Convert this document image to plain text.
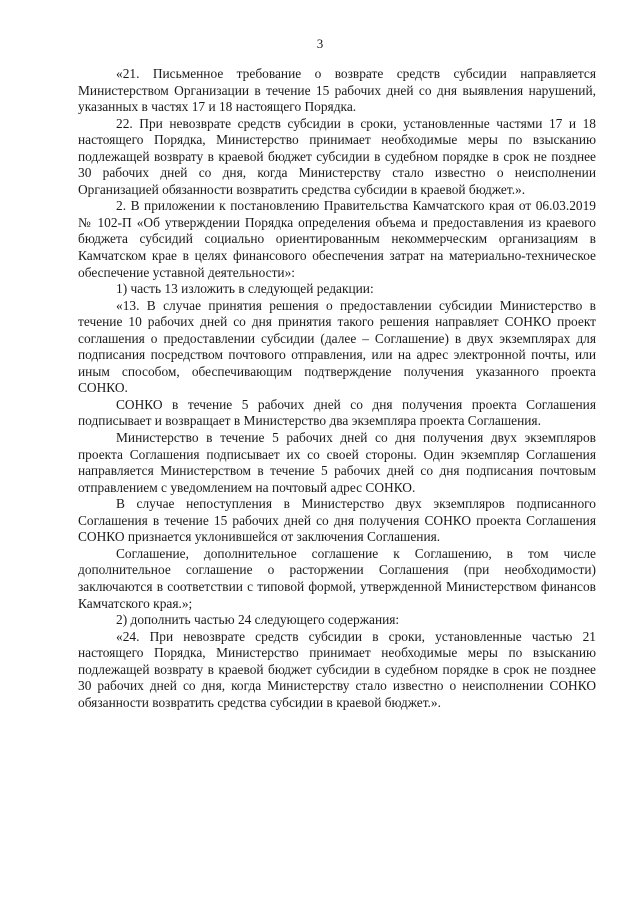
3

«21. Письменное требование о возврате средств субсидии направляется Министерством Организации в течение 15 рабочих дней со дня выявления нарушений, указанных в частях 17 и 18 настоящего Порядка.

22. При невозврате средств субсидии в сроки, установленные частями 17 и 18 настоящего Порядка, Министерство принимает необходимые меры по взысканию подлежащей возврату в краевой бюджет субсидии в судебном порядке в срок не позднее 30 рабочих дней со дня, когда Министерству стало известно о неисполнении Организацией обязанности возвратить средства субсидии в краевой бюджет.».

2. В приложении к постановлению Правительства Камчатского края от 06.03.2019 № 102-П «Об утверждении Порядка определения объема и предоставления из краевого бюджета субсидий социально ориентированным некоммерческим организациям в Камчатском крае в целях финансового обеспечения затрат на материально-техническое обеспечение уставной деятельности»:

1) часть 13 изложить в следующей редакции:

«13. В случае принятия решения о предоставлении субсидии Министерство в течение 10 рабочих дней со дня принятия такого решения направляет СОНКО проект соглашения о предоставлении субсидии (далее – Соглашение) в двух экземплярах для подписания посредством почтового отправления, или на адрес электронной почты, или иным способом, обеспечивающим подтверждение получения указанного проекта СОНКО.

СОНКО в течение 5 рабочих дней со дня получения проекта Соглашения подписывает и возвращает в Министерство два экземпляра проекта Соглашения.

Министерство в течение 5 рабочих дней со дня получения двух экземпляров проекта Соглашения подписывает их со своей стороны. Один экземпляр Соглашения направляется Министерством в течение 5 рабочих дней со дня подписания почтовым отправлением с уведомлением на почтовый адрес СОНКО.

В случае непоступления в Министерство двух экземпляров подписанного Соглашения в течение 15 рабочих дней со дня получения СОНКО проекта Соглашения СОНКО признается уклонившейся от заключения Соглашения.

Соглашение, дополнительное соглашение к Соглашению, в том числе дополнительное соглашение о расторжении Соглашения (при необходимости) заключаются в соответствии с типовой формой, утвержденной Министерством финансов Камчатского края.»;

2) дополнить частью 24 следующего содержания:

«24. При невозврате средств субсидии в сроки, установленные частью 21 настоящего Порядка, Министерство принимает необходимые меры по взысканию подлежащей возврату в краевой бюджет субсидии в судебном порядке в срок не позднее 30 рабочих дней со дня, когда Министерству стало известно о неисполнении СОНКО обязанности возвратить средства субсидии в краевой бюджет.».
